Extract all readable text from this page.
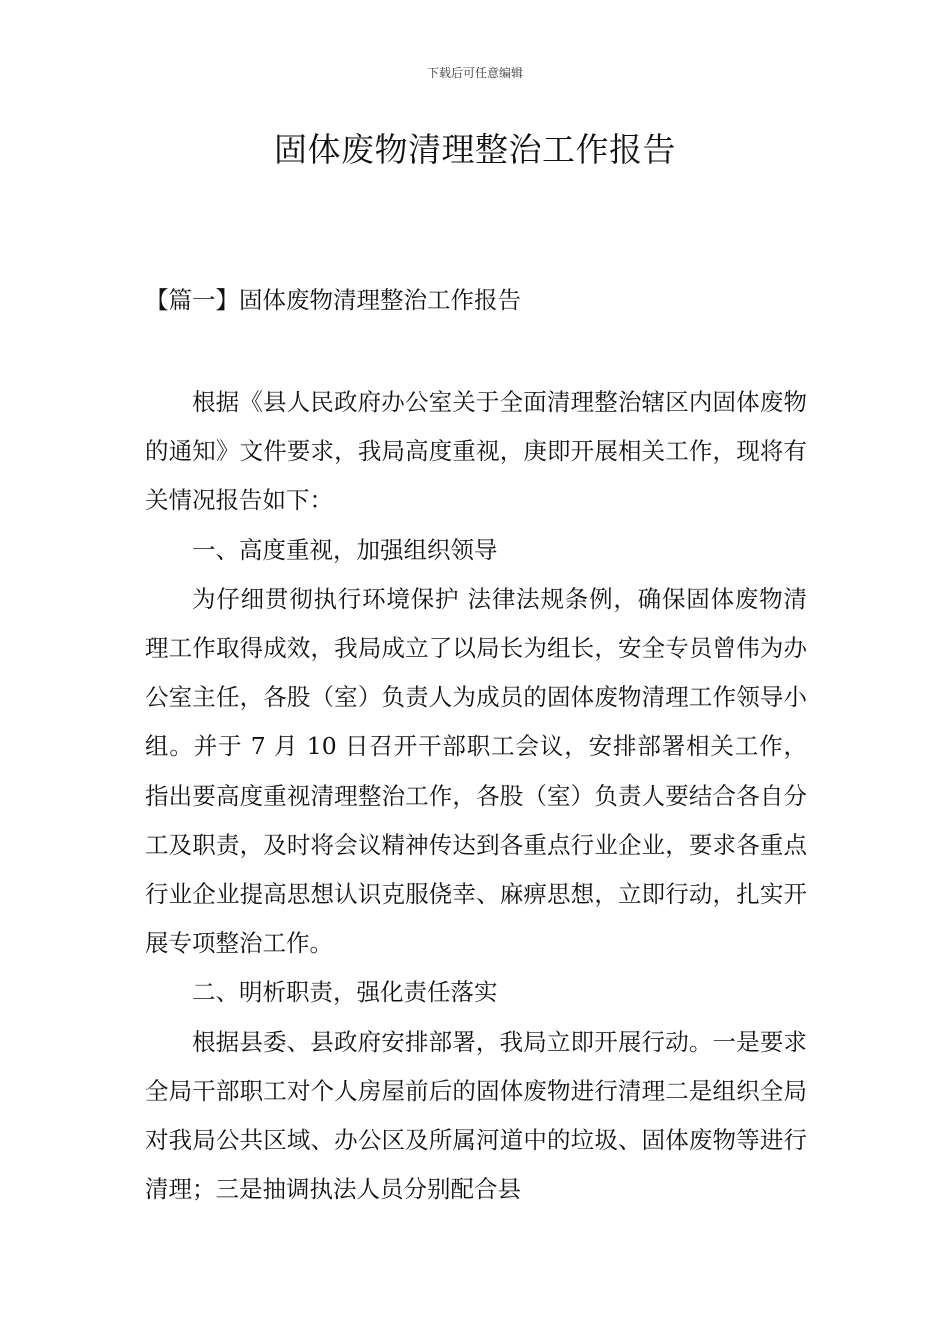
下载后可任意编辑
固体废物清理整治工作报告
【篇一】固体废物清理整治工作报告

根据《县人民政府办公室关于全面清理整治辖区内固体废物的通知》文件要求，我局高度重视，庚即开展相关工作，现将有关情况报告如下：

一、高度重视，加强组织领导

为仔细贯彻执行环境保护 法律法规条例，确保固体废物清理工作取得成效，我局成立了以局长为组长，安全专员曾伟为办公室主任，各股（室）负责人为成员的固体废物清理工作领导小组。并于 7 月 10 日召开干部职工会议，安排部署相关工作，指出要高度重视清理整治工作，各股（室）负责人要结合各自分工及职责，及时将会议精神传达到各重点行业企业，要求各重点行业企业提高思想认识克服侥幸、麻痹思想，立即行动，扎实开展专项整治工作。

二、明析职责，强化责任落实

根据县委、县政府安排部署，我局立即开展行动。一是要求全局干部职工对个人房屋前后的固体废物进行清理二是组织全局对我局公共区域、办公区及所属河道中的垃圾、固体废物等进行清理；三是抽调执法人员分别配合县
